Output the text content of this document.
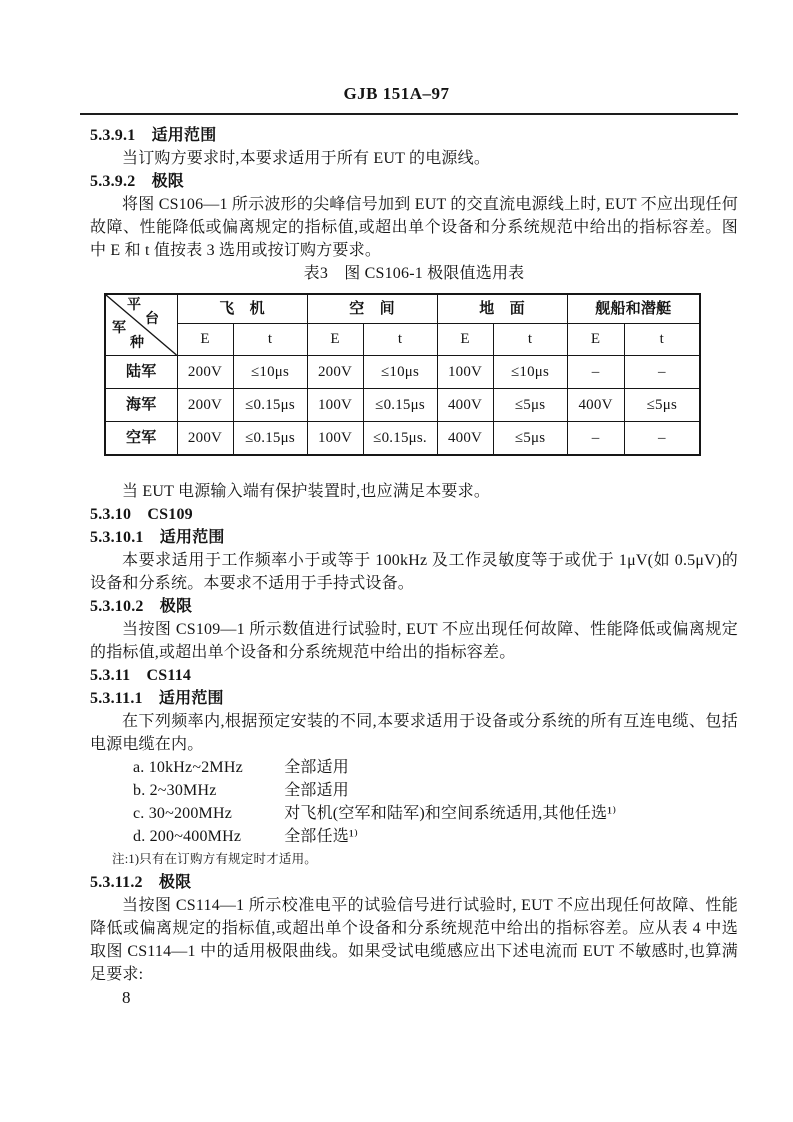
GJB 151A–97
5.3.9.1　适用范围

当订购方要求时,本要求适用于所有 EUT 的电源线。

5.3.9.2　极限

将图 CS106—1 所示波形的尖峰信号加到 EUT 的交直流电源线上时, EUT 不应出现任何故障、性能降低或偏离规定的指标值,或超出单个设备和分系统规范中给出的指标容差。图中 E 和 t 值按表 3 选用或按订购方要求。

表3　图 CS106-1 极限值选用表

平
台
军
种	飞　机		空　间		地　面		舰船和潜艇	
	E	t	E	t	E	t	E	t
陆军	200V	≤10μs	200V	≤10μs	100V	≤10μs	–	–
海军	200V	≤0.15μs	100V	≤0.15μs	400V	≤5μs	400V	≤5μs
空军	200V	≤0.15μs	100V	≤0.15μs.	400V	≤5μs	–	–

当 EUT 电源输入端有保护装置时,也应满足本要求。

5.3.10　CS109
5.3.10.1　适用范围

本要求适用于工作频率小于或等于 100kHz 及工作灵敏度等于或优于 1μV(如 0.5μV)的设备和分系统。本要求不适用于手持式设备。

5.3.10.2　极限

当按图 CS109—1 所示数值进行试验时, EUT 不应出现任何故障、性能降低或偏离规定的指标值,或超出单个设备和分系统规范中给出的指标容差。

5.3.11　CS114
5.3.11.1　适用范围

在下列频率内,根据预定安装的不同,本要求适用于设备或分系统的所有互连电缆、包括电源电缆在内。

a. 10kHz~2MHz	全部适用
b. 2~30MHz	全部适用
c. 30~200MHz	对飞机(空军和陆军)和空间系统适用,其他任选¹⁾
d. 200~400MHz	全部任选¹⁾
注:1)只有在订购方有规定时才适用。
5.3.11.2　极限

当按图 CS114—1 所示校准电平的试验信号进行试验时, EUT 不应出现任何故障、性能降低或偏离规定的指标值,或超出单个设备和分系统规范中给出的指标容差。应从表 4 中选取图 CS114—1 中的适用极限曲线。如果受试电缆感应出下述电流而 EUT 不敏感时,也算满足要求:

8
